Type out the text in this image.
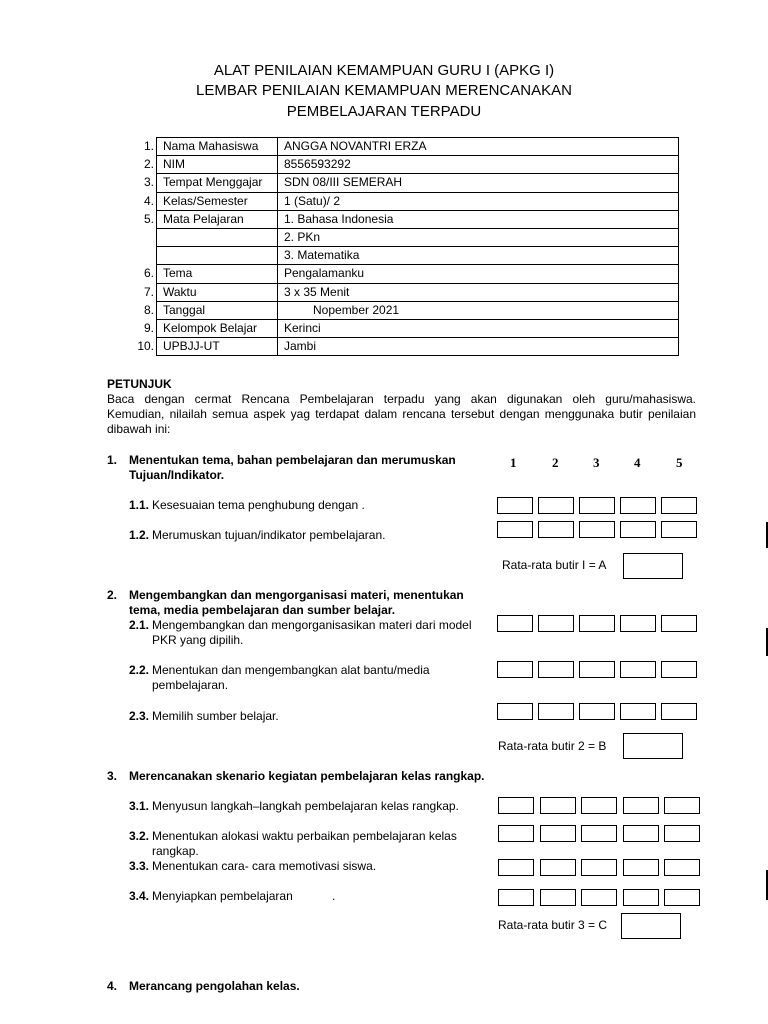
ALAT PENILAIAN KEMAMPUAN GURU I (APKG I)
LEMBAR PENILAIAN KEMAMPUAN MERENCANAKAN
PEMBELAJARAN TERPADU
1.	Nama Mahasiswa	ANGGA NOVANTRI ERZA
2.	NIM	8556593292
3.	Tempat Menggajar	SDN 08/III SEMERAH
4.	Kelas/Semester	1 (Satu)/ 2
5.	Mata Pelajaran	1. Bahasa Indonesia
		2. PKn
		3. Matematika
6.	Tema	Pengalamanku
7.	Waktu	3 x 35 Menit
8.	Tanggal	Nopember 2021
9.	Kelompok Belajar	Kerinci
10.	UPBJJ-UT	Jambi
PETUNJUK
Baca dengan cermat Rencana Pembelajaran terpadu yang akan digunakan oleh guru/mahasiswa.
Kemudian, nilailah semua aspek yag terdapat dalam rencana tersebut dengan menggunaka butir penilaian
dibawah ini:
1	2	3	4	5
1. Menentukan tema, bahan pembelajaran dan merumuskan
Tujuan/Indikator.
1.1. Kesesuaian tema penghubung dengan .
1.2. Merumuskan tujuan/indikator pembelajaran.
Rata-rata butir I = A
2. Mengembangkan dan mengorganisasi materi, menentukan
tema, media pembelajaran dan sumber belajar.
2.1. Mengembangkan dan mengorganisasikan materi dari model
PKR yang dipilih.
2.2. Menentukan dan mengembangkan alat bantu/media
pembelajaran.
2.3. Memilih sumber belajar.
Rata-rata butir 2 = B
3. Merencanakan skenario kegiatan pembelajaran kelas rangkap.
3.1. Menyusun langkah–langkah pembelajaran kelas rangkap.
3.2. Menentukan alokasi waktu perbaikan pembelajaran kelas
rangkap.
3.3. Menentukan cara- cara memotivasi siswa.
3.4. Menyiapkan pembelajaran	.
Rata-rata butir 3 = C
4. Merancang pengolahan kelas.
